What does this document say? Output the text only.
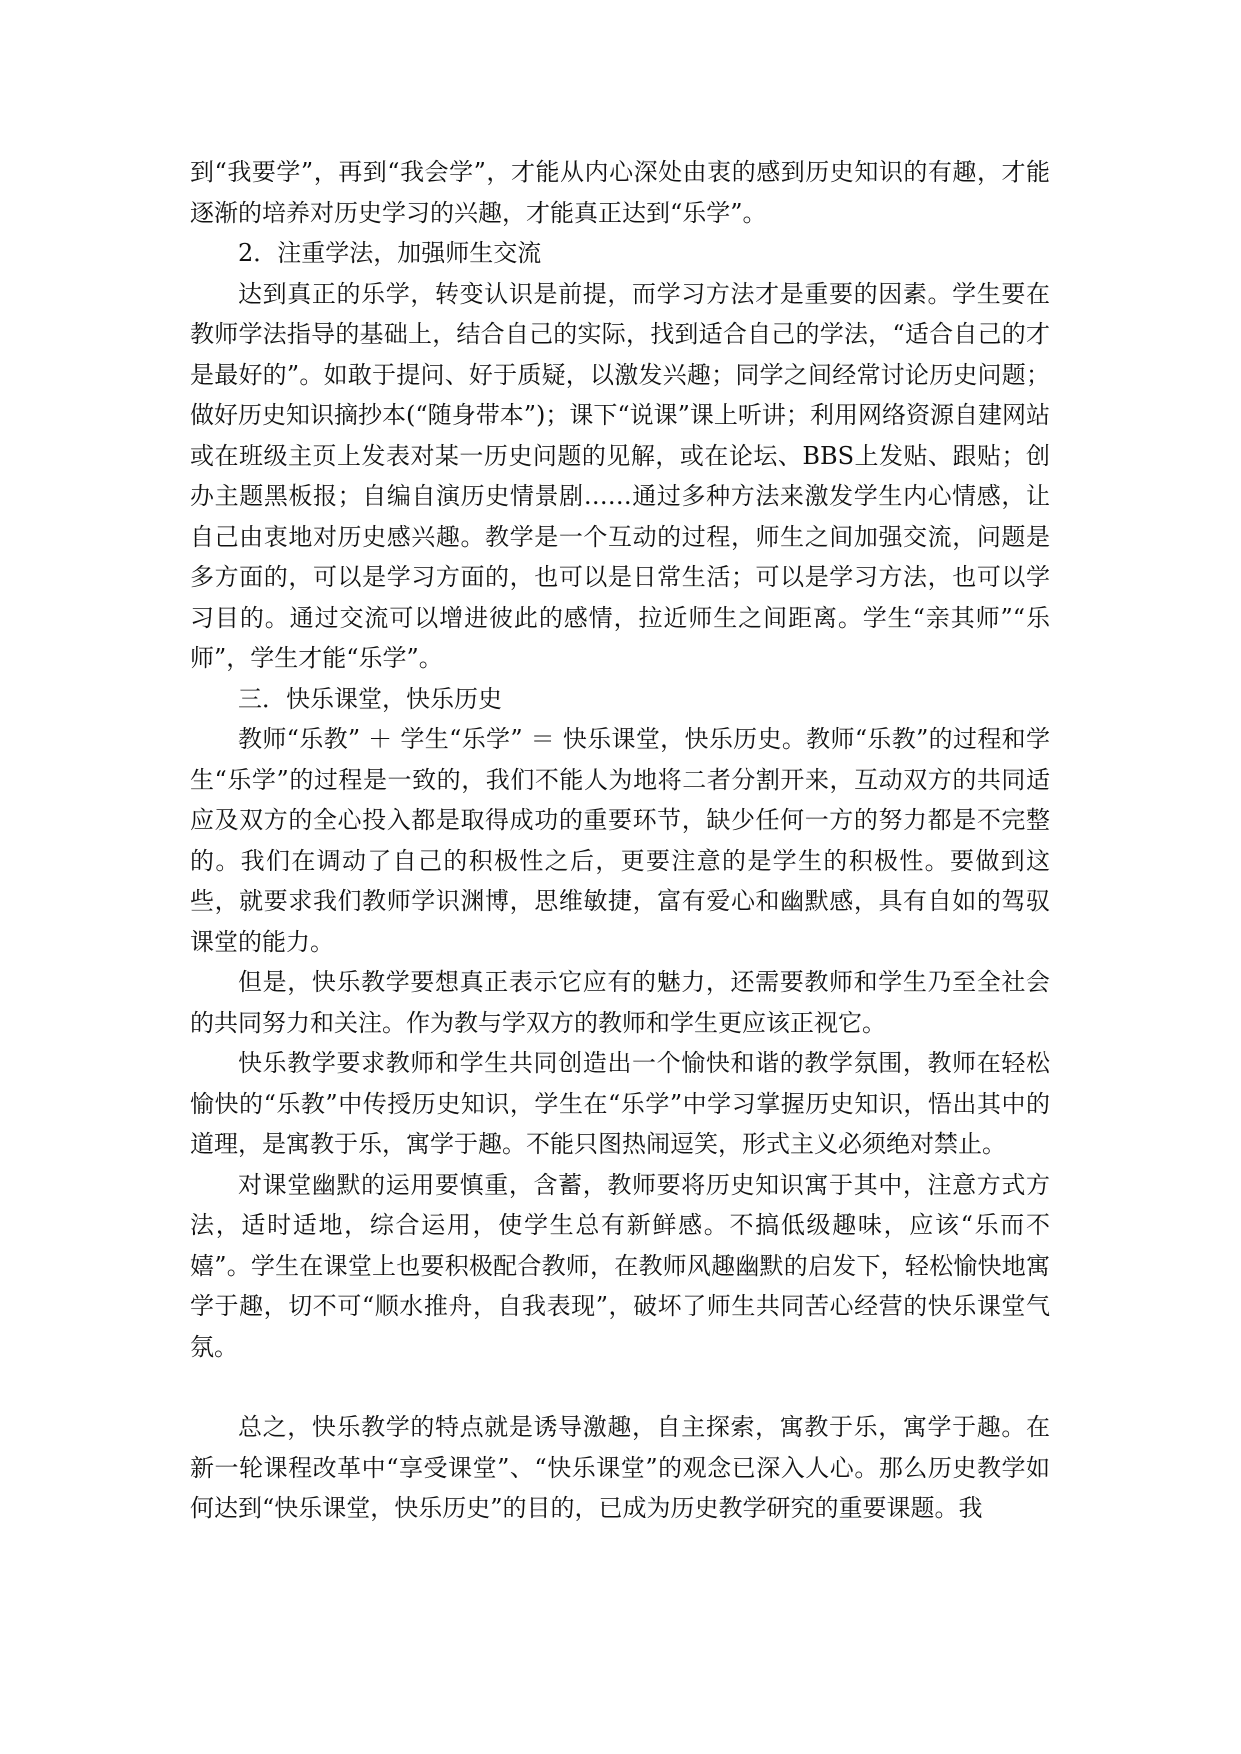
到“我要学”，再到“我会学”，才能从内心深处由衷的感到历史知识的有趣，才能逐渐的培养对历史学习的兴趣，才能真正达到“乐学”。

2．注重学法，加强师生交流

达到真正的乐学，转变认识是前提，而学习方法才是重要的因素。学生要在教师学法指导的基础上，结合自己的实际，找到适合自己的学法，“适合自己的才是最好的”。如敢于提问、好于质疑，以激发兴趣；同学之间经常讨论历史问题；做好历史知识摘抄本(“随身带本”)；课下“说课”课上听讲；利用网络资源自建网站或在班级主页上发表对某一历史问题的见解，或在论坛、BBS上发贴、跟贴；创办主题黑板报；自编自演历史情景剧……通过多种方法来激发学生内心情感，让自己由衷地对历史感兴趣。教学是一个互动的过程，师生之间加强交流，问题是多方面的，可以是学习方面的，也可以是日常生活；可以是学习方法，也可以学习目的。通过交流可以增进彼此的感情，拉近师生之间距离。学生“亲其师”“乐师”，学生才能“乐学”。

三．快乐课堂，快乐历史

教师“乐教” ＋ 学生“乐学” ＝ 快乐课堂，快乐历史。教师“乐教”的过程和学生“乐学”的过程是一致的，我们不能人为地将二者分割开来，互动双方的共同适应及双方的全心投入都是取得成功的重要环节，缺少任何一方的努力都是不完整的。我们在调动了自己的积极性之后，更要注意的是学生的积极性。要做到这些，就要求我们教师学识渊博，思维敏捷，富有爱心和幽默感，具有自如的驾驭课堂的能力。

但是，快乐教学要想真正表示它应有的魅力，还需要教师和学生乃至全社会的共同努力和关注。作为教与学双方的教师和学生更应该正视它。

快乐教学要求教师和学生共同创造出一个愉快和谐的教学氛围，教师在轻松愉快的“乐教”中传授历史知识，学生在“乐学”中学习掌握历史知识，悟出其中的道理，是寓教于乐，寓学于趣。不能只图热闹逗笑，形式主义必须绝对禁止。

对课堂幽默的运用要慎重，含蓄，教师要将历史知识寓于其中，注意方式方法，适时适地，综合运用，使学生总有新鲜感。不搞低级趣味，应该“乐而不嬉”。学生在课堂上也要积极配合教师，在教师风趣幽默的启发下，轻松愉快地寓学于趣，切不可“顺水推舟，自我表现”，破坏了师生共同苦心经营的快乐课堂气氛。

总之，快乐教学的特点就是诱导激趣，自主探索，寓教于乐，寓学于趣。在新一轮课程改革中“享受课堂”、“快乐课堂”的观念已深入人心。那么历史教学如何达到“快乐课堂，快乐历史”的目的，已成为历史教学研究的重要课题。我
